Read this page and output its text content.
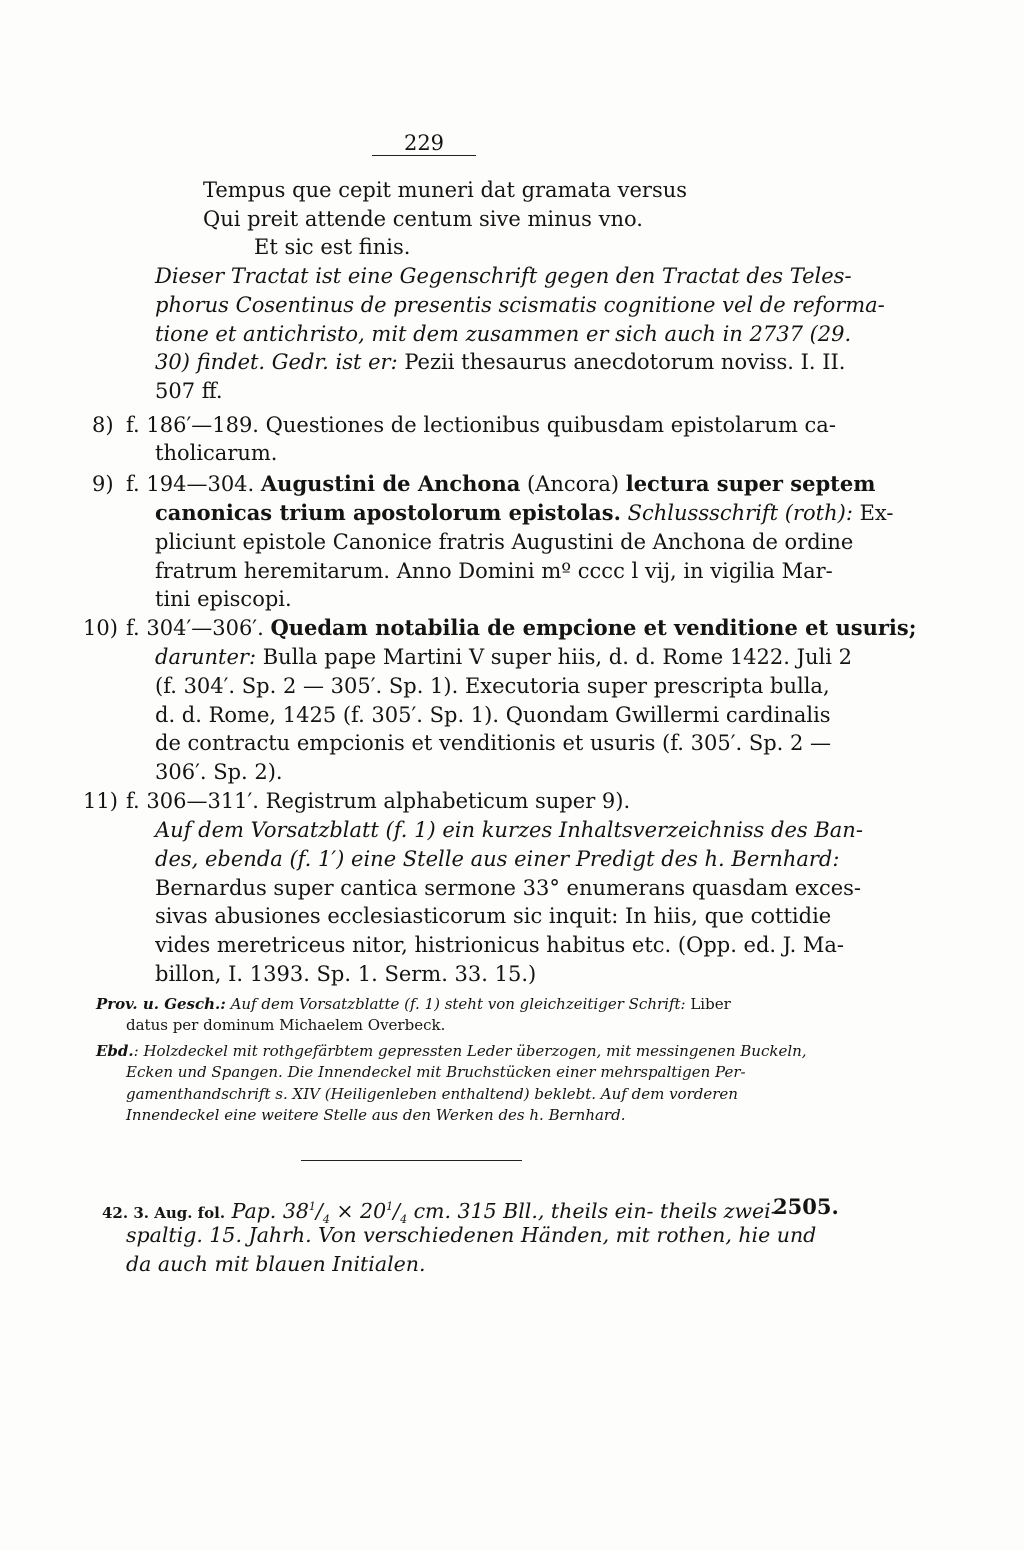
229
Tempus que cepit muneri dat gramata versus
Qui preit attende centum sive minus vno.
Et sic est finis.
Dieser Tractat ist eine Gegenschrift gegen den Tractat des Teles-
phorus Cosentinus de presentis scismatis cognitione vel de reforma-
tione et antichristo, mit dem zusammen er sich auch in 2737 (29.
30) findet. Gedr. ist er: Pezii thesaurus anecdotorum noviss. I. II.
507 ff.
8) f. 186′—189. Questiones de lectionibus quibusdam epistolarum ca-
tholicarum.
9) f. 194—304. Augustini de Anchona (Ancora) lectura super septem
canonicas trium apostolorum epistolas. Schlussschrift (roth): Ex-
pliciunt epistole Canonice fratris Augustini de Anchona de ordine
fratrum heremitarum. Anno Domini mº cccc l vij, in vigilia Mar-
tini episcopi.
10) f. 304′—306′. Quedam notabilia de empcione et venditione et usuris;
darunter: Bulla pape Martini V super hiis, d. d. Rome 1422. Juli 2
(f. 304′. Sp. 2 — 305′. Sp. 1). Executoria super prescripta bulla,
d. d. Rome, 1425 (f. 305′. Sp. 1). Quondam Gwillermi cardinalis
de contractu empcionis et venditionis et usuris (f. 305′. Sp. 2 —
306′. Sp. 2).
11) f. 306—311′. Registrum alphabeticum super 9).
Auf dem Vorsatzblatt (f. 1) ein kurzes Inhaltsverzeichniss des Ban-
des, ebenda (f. 1′) eine Stelle aus einer Predigt des h. Bernhard:
Bernardus super cantica sermone 33° enumerans quasdam exces-
sivas abusiones ecclesiasticorum sic inquit: In hiis, que cottidie
vides meretriceus nitor, histrionicus habitus etc. (Opp. ed. J. Ma-
billon, I. 1393. Sp. 1. Serm. 33. 15.)
Prov. u. Gesch.: Auf dem Vorsatzblatte (f. 1) steht von gleichzeitiger Schrift: Liber
datus per dominum Michaelem Overbeck.
Ebd.: Holzdeckel mit rothgefärbtem gepressten Leder überzogen, mit messingenen Buckeln,
Ecken und Spangen. Die Innendeckel mit Bruchstücken einer mehrspaltigen Per-
gamenthandschrift s. XIV (Heiligenleben enthaltend) beklebt. Auf dem vorderen
Innendeckel eine weitere Stelle aus den Werken des h. Bernhard.
42. 3. Aug. fol. Pap. $38^1/_4 \times 20^1/_4$ cm. 315 Bll., theils ein- theils zwei-
2505.
spaltig. 15. Jahrh. Von verschiedenen Händen, mit rothen, hie und
da auch mit blauen Initialen.
